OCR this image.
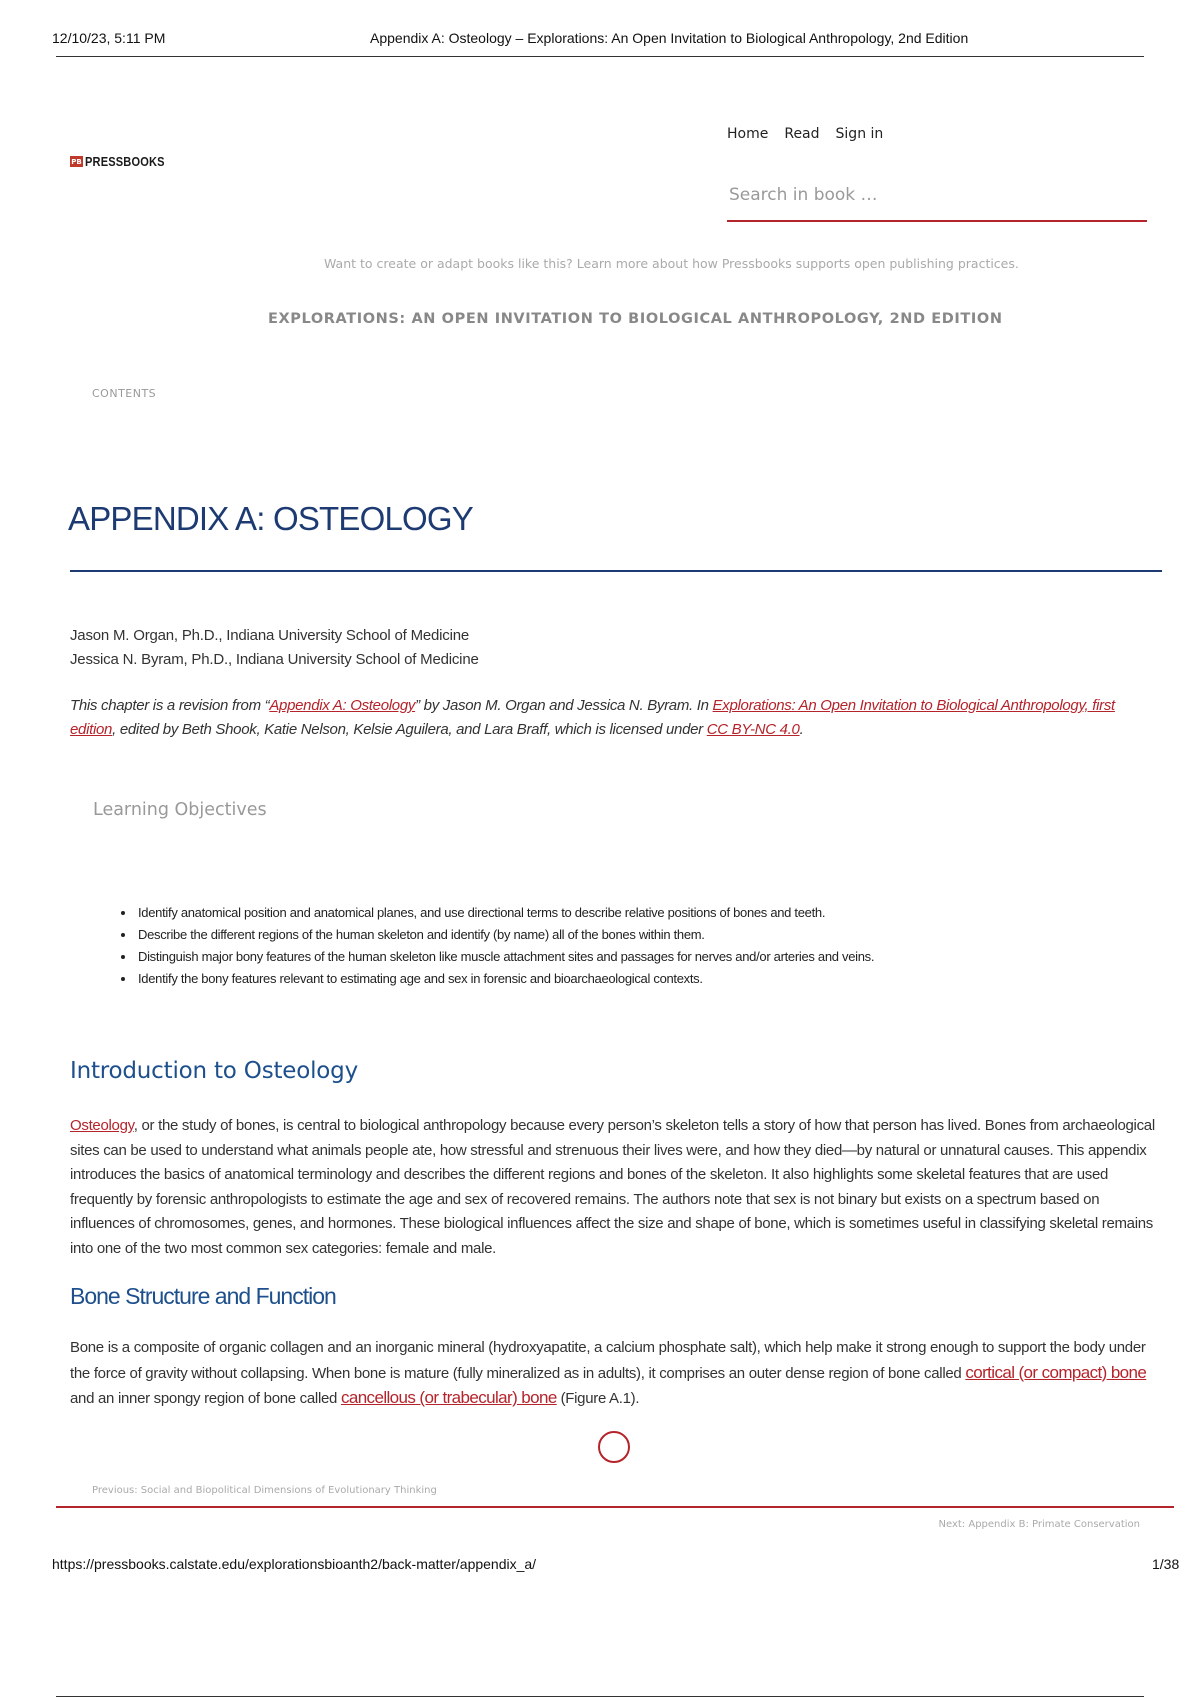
12/10/23, 5:11 PM	Appendix A: Osteology – Explorations: An Open Invitation to Biological Anthropology, 2nd Edition
PB PRESSBOOKS
Home Read Sign in
Search in book …
Want to create or adapt books like this? Learn more about how Pressbooks supports open publishing practices.
EXPLORATIONS: AN OPEN INVITATION TO BIOLOGICAL ANTHROPOLOGY, 2ND EDITION
CONTENTS
APPENDIX A: OSTEOLOGY
Jason M. Organ, Ph.D., Indiana University School of Medicine
Jessica N. Byram, Ph.D., Indiana University School of Medicine

This chapter is a revision from “Appendix A: Osteology” by Jason M. Organ and Jessica N. Byram. In Explorations: An Open Invitation to Biological Anthropology, first edition, edited by Beth Shook, Katie Nelson, Kelsie Aguilera, and Lara Braff, which is licensed under CC BY-NC 4.0.

Learning Objectives
• Identify anatomical position and anatomical planes, and use directional terms to describe relative positions of bones and teeth.
• Describe the different regions of the human skeleton and identify (by name) all of the bones within them.
• Distinguish major bony features of the human skeleton like muscle attachment sites and passages for nerves and/or arteries and veins.
• Identify the bony features relevant to estimating age and sex in forensic and bioarchaeological contexts.
Introduction to Osteology

Osteology, or the study of bones, is central to biological anthropology because every person’s skeleton tells a story of how that person has lived. Bones from archaeological sites can be used to understand what animals people ate, how stressful and strenuous their lives were, and how they died—by natural or unnatural causes. This appendix introduces the basics of anatomical terminology and describes the different regions and bones of the skeleton. It also highlights some skeletal features that are used frequently by forensic anthropologists to estimate the age and sex of recovered remains. The authors note that sex is not binary but exists on a spectrum based on influences of chromosomes, genes, and hormones. These biological influences affect the size and shape of bone, which is sometimes useful in classifying skeletal remains into one of the two most common sex categories: female and male.

Bone Structure and Function

Bone is a composite of organic collagen and an inorganic mineral (hydroxyapatite, a calcium phosphate salt), which help make it strong enough to support the body under the force of gravity without collapsing. When bone is mature (fully mineralized as in adults), it comprises an outer dense region of bone called cortical (or compact) bone and an inner spongy region of bone called cancellous (or trabecular) bone (Figure A.1).

Previous: Social and Biopolitical Dimensions of Evolutionary Thinking
Next: Appendix B: Primate Conservation
https://pressbooks.calstate.edu/explorationsbioanth2/back-matter/appendix_a/	1/38
